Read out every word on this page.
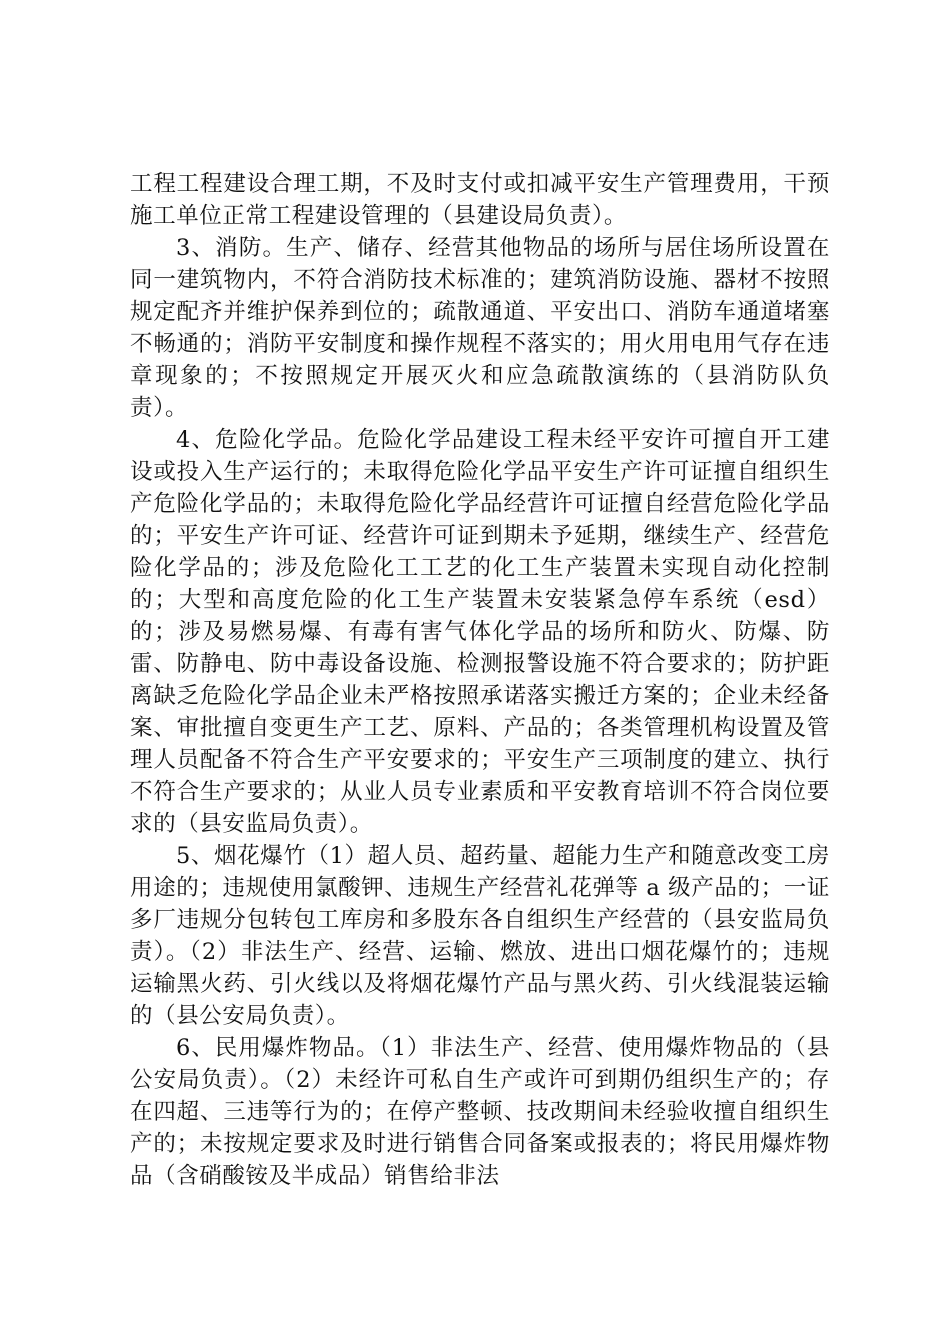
工程工程建设合理工期，不及时支付或扣减平安生产管理费用，干预施工单位正常工程建设管理的（县建设局负责）。

3、消防。生产、储存、经营其他物品的场所与居住场所设置在同一建筑物内，不符合消防技术标准的；建筑消防设施、器材不按照规定配齐并维护保养到位的；疏散通道、平安出口、消防车通道堵塞不畅通的；消防平安制度和操作规程不落实的；用火用电用气存在违章现象的；不按照规定开展灭火和应急疏散演练的（县消防队负责）。

4、危险化学品。危险化学品建设工程未经平安许可擅自开工建设或投入生产运行的；未取得危险化学品平安生产许可证擅自组织生产危险化学品的；未取得危险化学品经营许可证擅自经营危险化学品的；平安生产许可证、经营许可证到期未予延期，继续生产、经营危险化学品的；涉及危险化工工艺的化工生产装置未实现自动化控制的；大型和高度危险的化工生产装置未安装紧急停车系统（esd）的；涉及易燃易爆、有毒有害气体化学品的场所和防火、防爆、防雷、防静电、防中毒设备设施、检测报警设施不符合要求的；防护距离缺乏危险化学品企业未严格按照承诺落实搬迁方案的；企业未经备案、审批擅自变更生产工艺、原料、产品的；各类管理机构设置及管理人员配备不符合生产平安要求的；平安生产三项制度的建立、执行不符合生产要求的；从业人员专业素质和平安教育培训不符合岗位要求的（县安监局负责）。

5、烟花爆竹（1）超人员、超药量、超能力生产和随意改变工房用途的；违规使用氯酸钾、违规生产经营礼花弹等 a 级产品的；一证多厂违规分包转包工库房和多股东各自组织生产经营的（县安监局负责）。（2）非法生产、经营、运输、燃放、进出口烟花爆竹的；违规运输黑火药、引火线以及将烟花爆竹产品与黑火药、引火线混装运输的（县公安局负责）。

6、民用爆炸物品。（1）非法生产、经营、使用爆炸物品的（县公安局负责）。（2）未经许可私自生产或许可到期仍组织生产的；存在四超、三违等行为的；在停产整顿、技改期间未经验收擅自组织生产的；未按规定要求及时进行销售合同备案或报表的；将民用爆炸物品（含硝酸铵及半成品）销售给非法
